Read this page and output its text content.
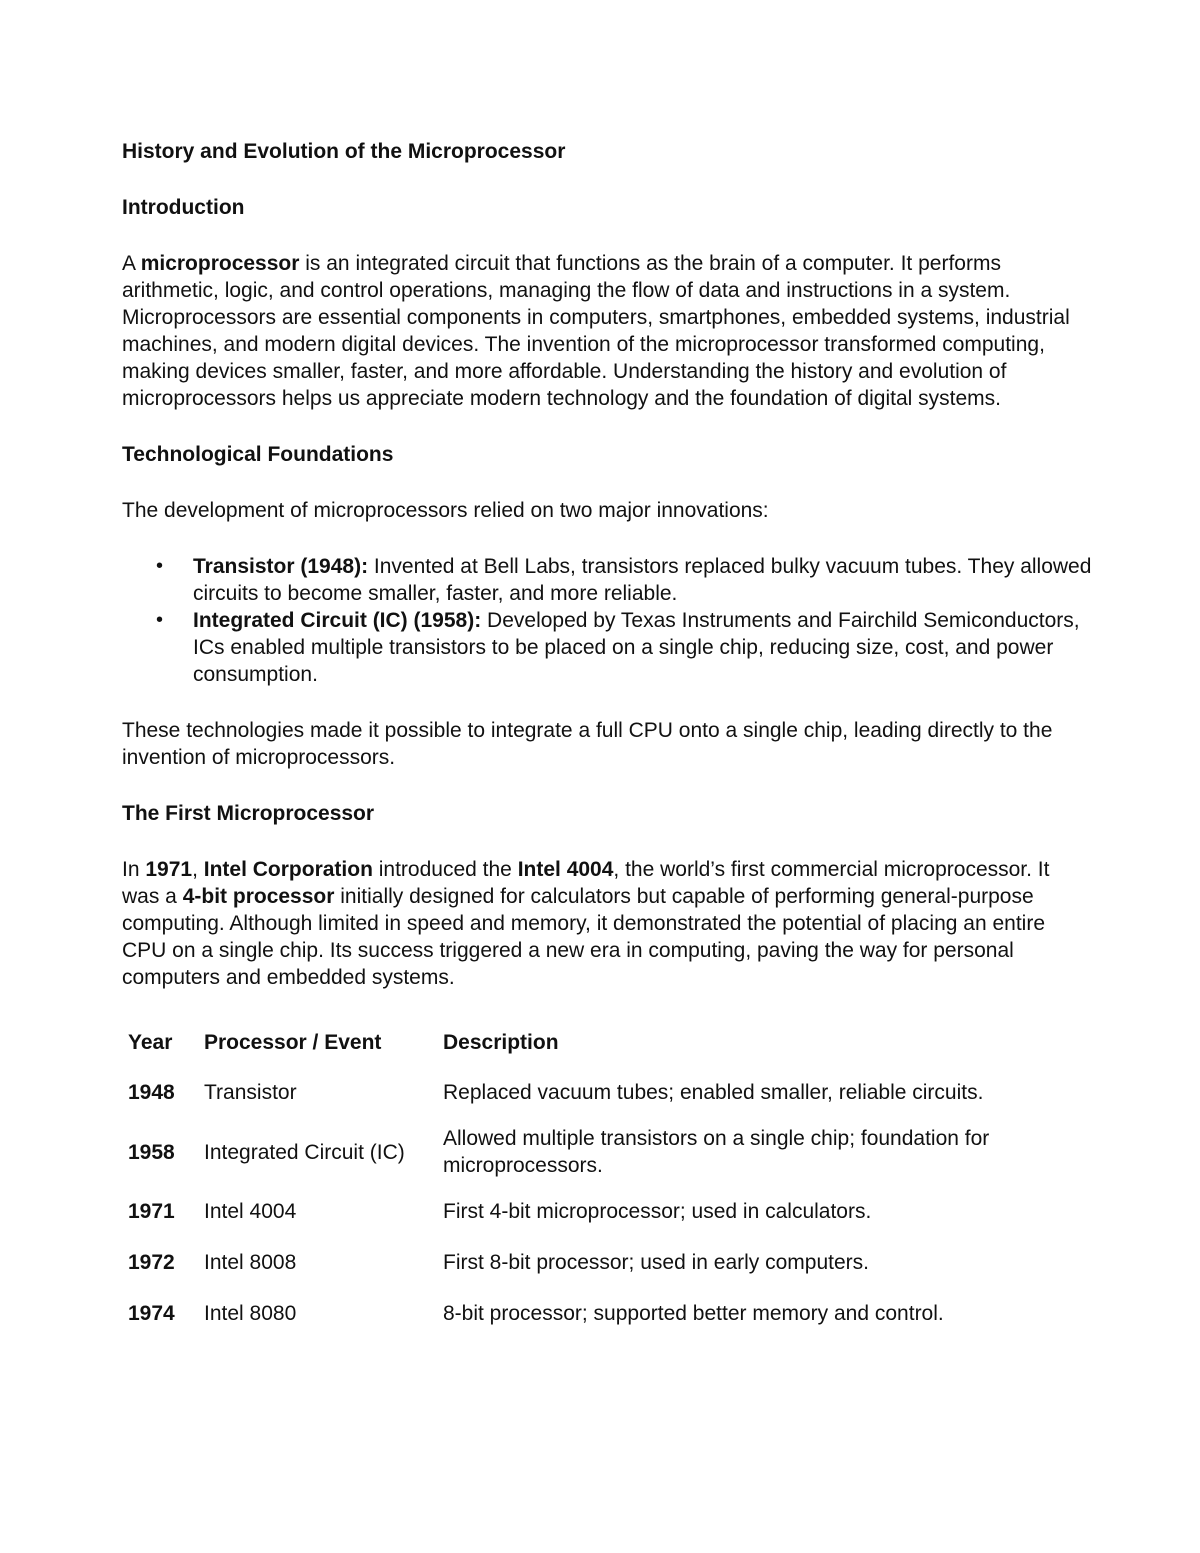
History and Evolution of the Microprocessor
Introduction

A microprocessor is an integrated circuit that functions as the brain of a computer. It performs arithmetic, logic, and control operations, managing the flow of data and instructions in a system. Microprocessors are essential components in computers, smartphones, embedded systems, industrial machines, and modern digital devices. The invention of the microprocessor transformed computing, making devices smaller, faster, and more affordable. Understanding the history and evolution of microprocessors helps us appreciate modern technology and the foundation of digital systems.

Technological Foundations

The development of microprocessors relied on two major innovations:

• Transistor (1948): Invented at Bell Labs, transistors replaced bulky vacuum tubes. They allowed circuits to become smaller, faster, and more reliable.
• Integrated Circuit (IC) (1958): Developed by Texas Instruments and Fairchild Semiconductors, ICs enabled multiple transistors to be placed on a single chip, reducing size, cost, and power consumption.

These technologies made it possible to integrate a full CPU onto a single chip, leading directly to the invention of microprocessors.

The First Microprocessor

In 1971, Intel Corporation introduced the Intel 4004, the world’s first commercial microprocessor. It was a 4-bit processor initially designed for calculators but capable of performing general-purpose computing. Although limited in speed and memory, it demonstrated the potential of placing an entire CPU on a single chip. Its success triggered a new era in computing, paving the way for personal computers and embedded systems.

Year	Processor / Event	Description
1948	Transistor	Replaced vacuum tubes; enabled smaller, reliable circuits.
1958	Integrated Circuit (IC)	Allowed multiple transistors on a single chip; foundation for microprocessors.
1971	Intel 4004	First 4-bit microprocessor; used in calculators.
1972	Intel 8008	First 8-bit processor; used in early computers.
1974	Intel 8080	8-bit processor; supported better memory and control.
